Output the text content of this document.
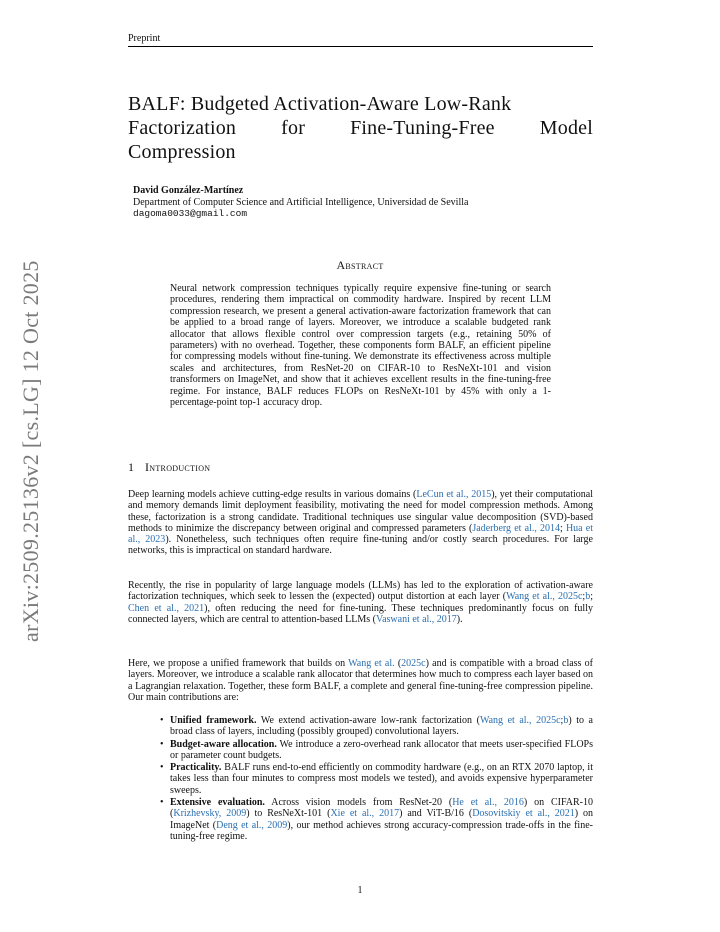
Preprint
BALF: Budgeted Activation-Aware Low-Rank
Factorization for Fine-Tuning-Free Model
Compression
David González-Martínez
Department of Computer Science and Artificial Intelligence, Universidad de Sevilla
dagoma0033@gmail.com
arXiv:2509.25136v2 [cs.LG] 12 Oct 2025	Abstract
Neural network compression techniques typically require expensive fine-tuning or search procedures, rendering them impractical on commodity hardware. Inspired by recent LLM compression research, we present a general activation-aware factorization framework that can be applied to a broad range of layers. Moreover, we introduce a scalable budgeted rank allocator that allows flexible control over compression targets (e.g., retaining 50% of parameters) with no overhead. Together, these components form BALF, an efficient pipeline for compressing models without fine-tuning. We demonstrate its effectiveness across multiple scales and architectures, from ResNet-20 on CIFAR-10 to ResNeXt-101 and vision transformers on ImageNet, and show that it achieves excellent results in the fine-tuning-free regime. For instance, BALF reduces FLOPs on ResNeXt-101 by 45% with only a 1-percentage-point top-1 accuracy drop.
1 Introduction

Deep learning models achieve cutting-edge results in various domains (LeCun et al., 2015), yet their computational and memory demands limit deployment feasibility, motivating the need for model compression methods. Among these, factorization is a strong candidate. Traditional techniques use singular value decomposition (SVD)-based methods to minimize the discrepancy between original and compressed parameters (Jaderberg et al., 2014; Hua et al., 2023). Nonetheless, such techniques often require fine-tuning and/or costly search procedures. For large networks, this is impractical on standard hardware.

Recently, the rise in popularity of large language models (LLMs) has led to the exploration of activation-aware factorization techniques, which seek to lessen the (expected) output distortion at each layer (Wang et al., 2025c;b; Chen et al., 2021), often reducing the need for fine-tuning. These techniques predominantly focus on fully connected layers, which are central to attention-based LLMs (Vaswani et al., 2017).

Here, we propose a unified framework that builds on Wang et al. (2025c) and is compatible with a broad class of layers. Moreover, we introduce a scalable rank allocator that determines how much to compress each layer based on a Lagrangian relaxation. Together, these form BALF, a complete and general fine-tuning-free compression pipeline. Our main contributions are:

• Unified framework. We extend activation-aware low-rank factorization (Wang et al., 2025c;b) to a broad class of layers, including (possibly grouped) convolutional layers.
• Budget-aware allocation. We introduce a zero-overhead rank allocator that meets user-specified FLOPs or parameter count budgets.
• Practicality. BALF runs end-to-end efficiently on commodity hardware (e.g., on an RTX 2070 laptop, it takes less than four minutes to compress most models we tested), and avoids expensive hyperparameter sweeps.
• Extensive evaluation. Across vision models from ResNet-20 (He et al., 2016) on CIFAR-10 (Krizhevsky, 2009) to ResNeXt-101 (Xie et al., 2017) and ViT-B/16 (Dosovitskiy et al., 2021) on ImageNet (Deng et al., 2009), our method achieves strong accuracy-compression trade-offs in the fine-tuning-free regime.
1
